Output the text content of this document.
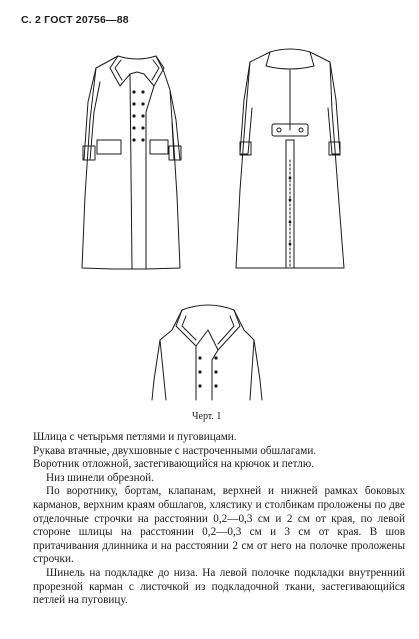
С. 2 ГОСТ 20756—88
Черт. 1

Шлица с четырьмя петлями и пуговицами.

Рукава втачные, двухшовные с настроченными обшлагами.

Воротник отложной, застегивающийся на крючок и петлю.

Низ шинели обрезной.

По воротнику, бортам, клапанам, верхней и нижней рамках боковых карманов, верхним краям обшлагов, хлястику и столбикам проложены по две отделочные строчки на расстоянии 0,2—0,3 см и 2 см от края, по левой стороне шлицы на расстоянии 0,2—0,3 см и 3 см от края. В шов притачивания длинника и на расстоянии 2 см от него на полочке проложены строчки.

Шинель на подкладке до низа. На левой полочке подкладки внутренний прорезной карман с листочкой из подкладочной ткани, застегивающийся петлей на пуговицу.
